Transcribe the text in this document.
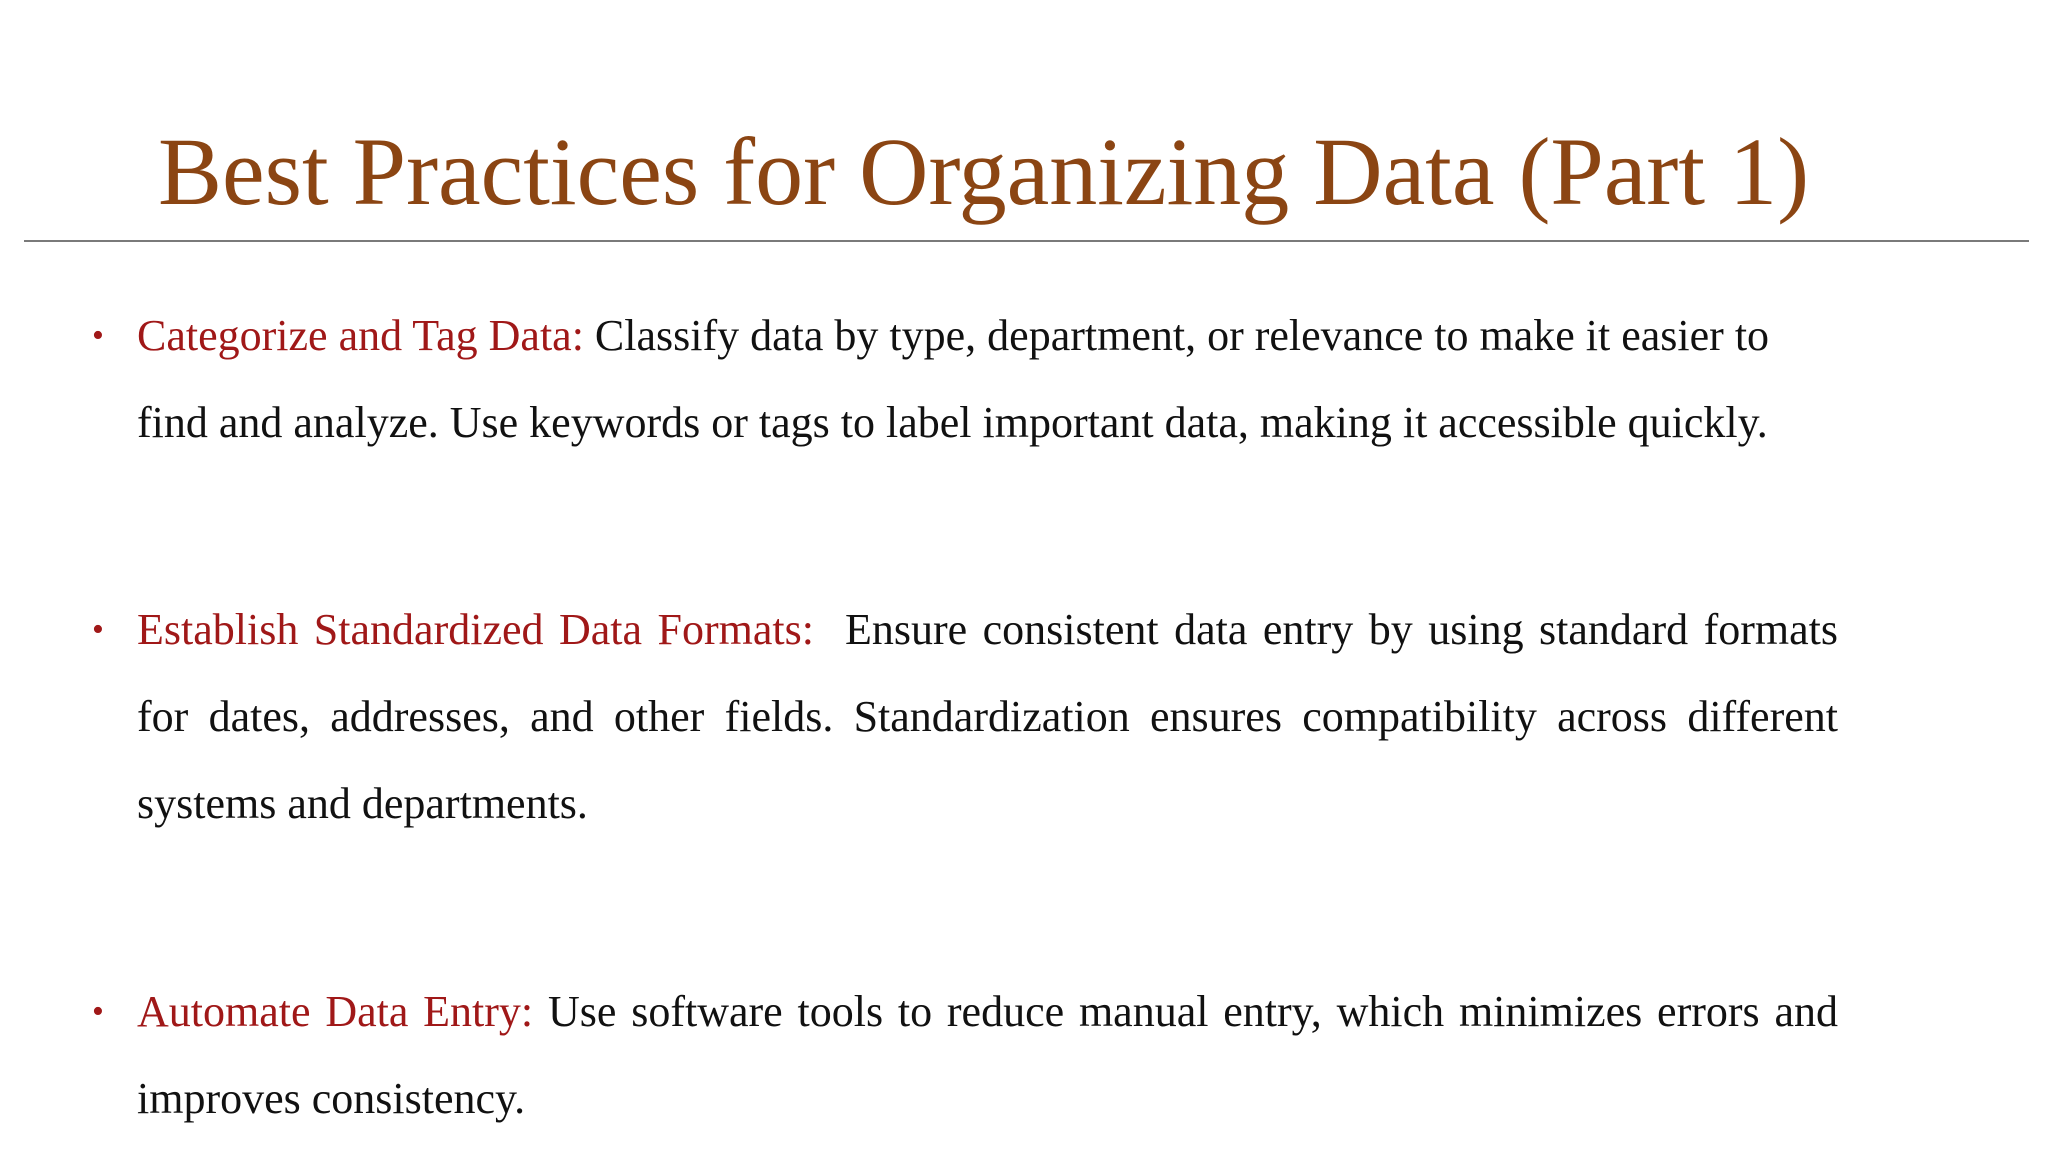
Best Practices for Organizing Data (Part 1)
• Categorize and Tag Data: Classify data by type, department, or relevance to make it easier to find and analyze. Use keywords or tags to label important data, making it accessible quickly.

• Establish Standardized Data Formats: Ensure consistent data entry by using standard formats for dates, addresses, and other fields. Standardization ensures compatibility across different systems and departments.

• Automate Data Entry: Use software tools to reduce manual entry, which minimizes errors and improves consistency.
